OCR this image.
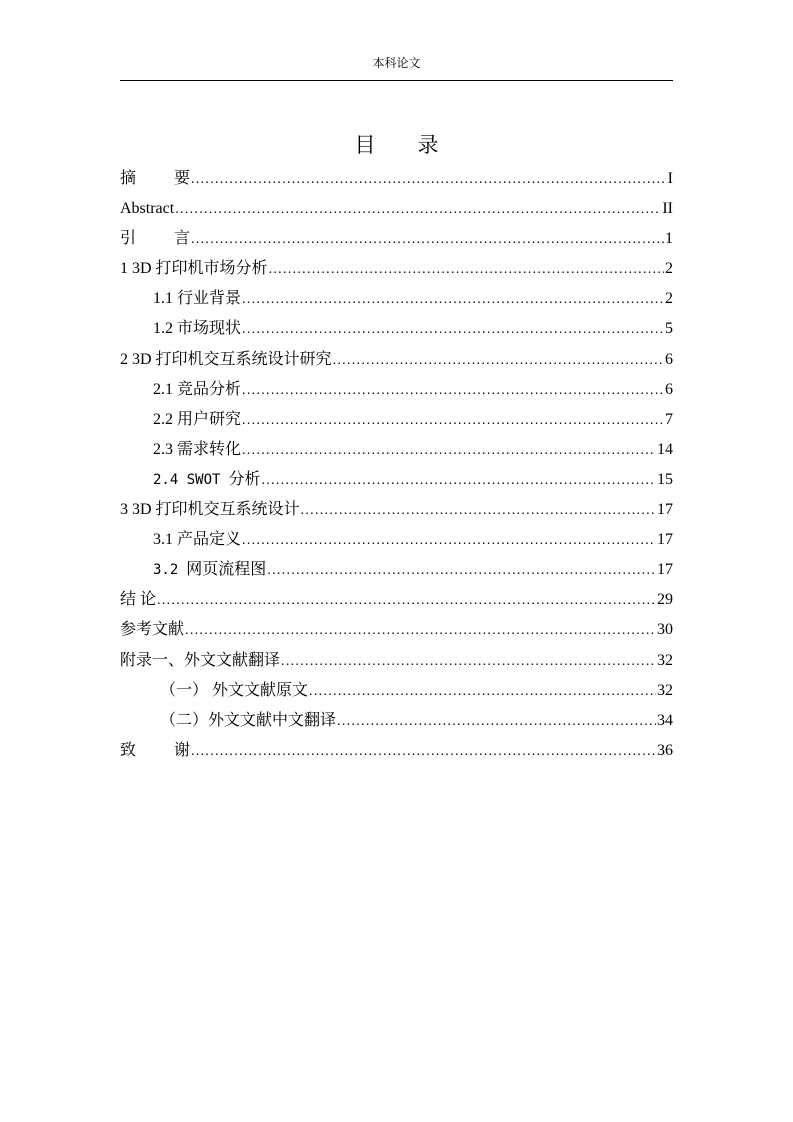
本科论文
目 录
摘 要 .....	I
Abstract .....	II
引 言 .....	1
1 3D 打印机市场分析 .....	2
1.1 行业背景 .....	2
1.2 市场现状 .....	5
2 3D 打印机交互系统设计研究 .....	6
2.1 竞品分析 .....	6
2.2 用户研究 .....	7
2.3 需求转化 .....	14
2.4 SWOT 分析 .....	15
3 3D 打印机交互系统设计 .....	17
3.1 产品定义 .....	17
3.2 网页流程图 .....	17
结 论 .....	29
参考文献 .....	30
附录一、外文文献翻译 .....	32
（一） 外文文献原文 .....	32
（二）外文文献中文翻译 .....	34
致 谢 .....	36
